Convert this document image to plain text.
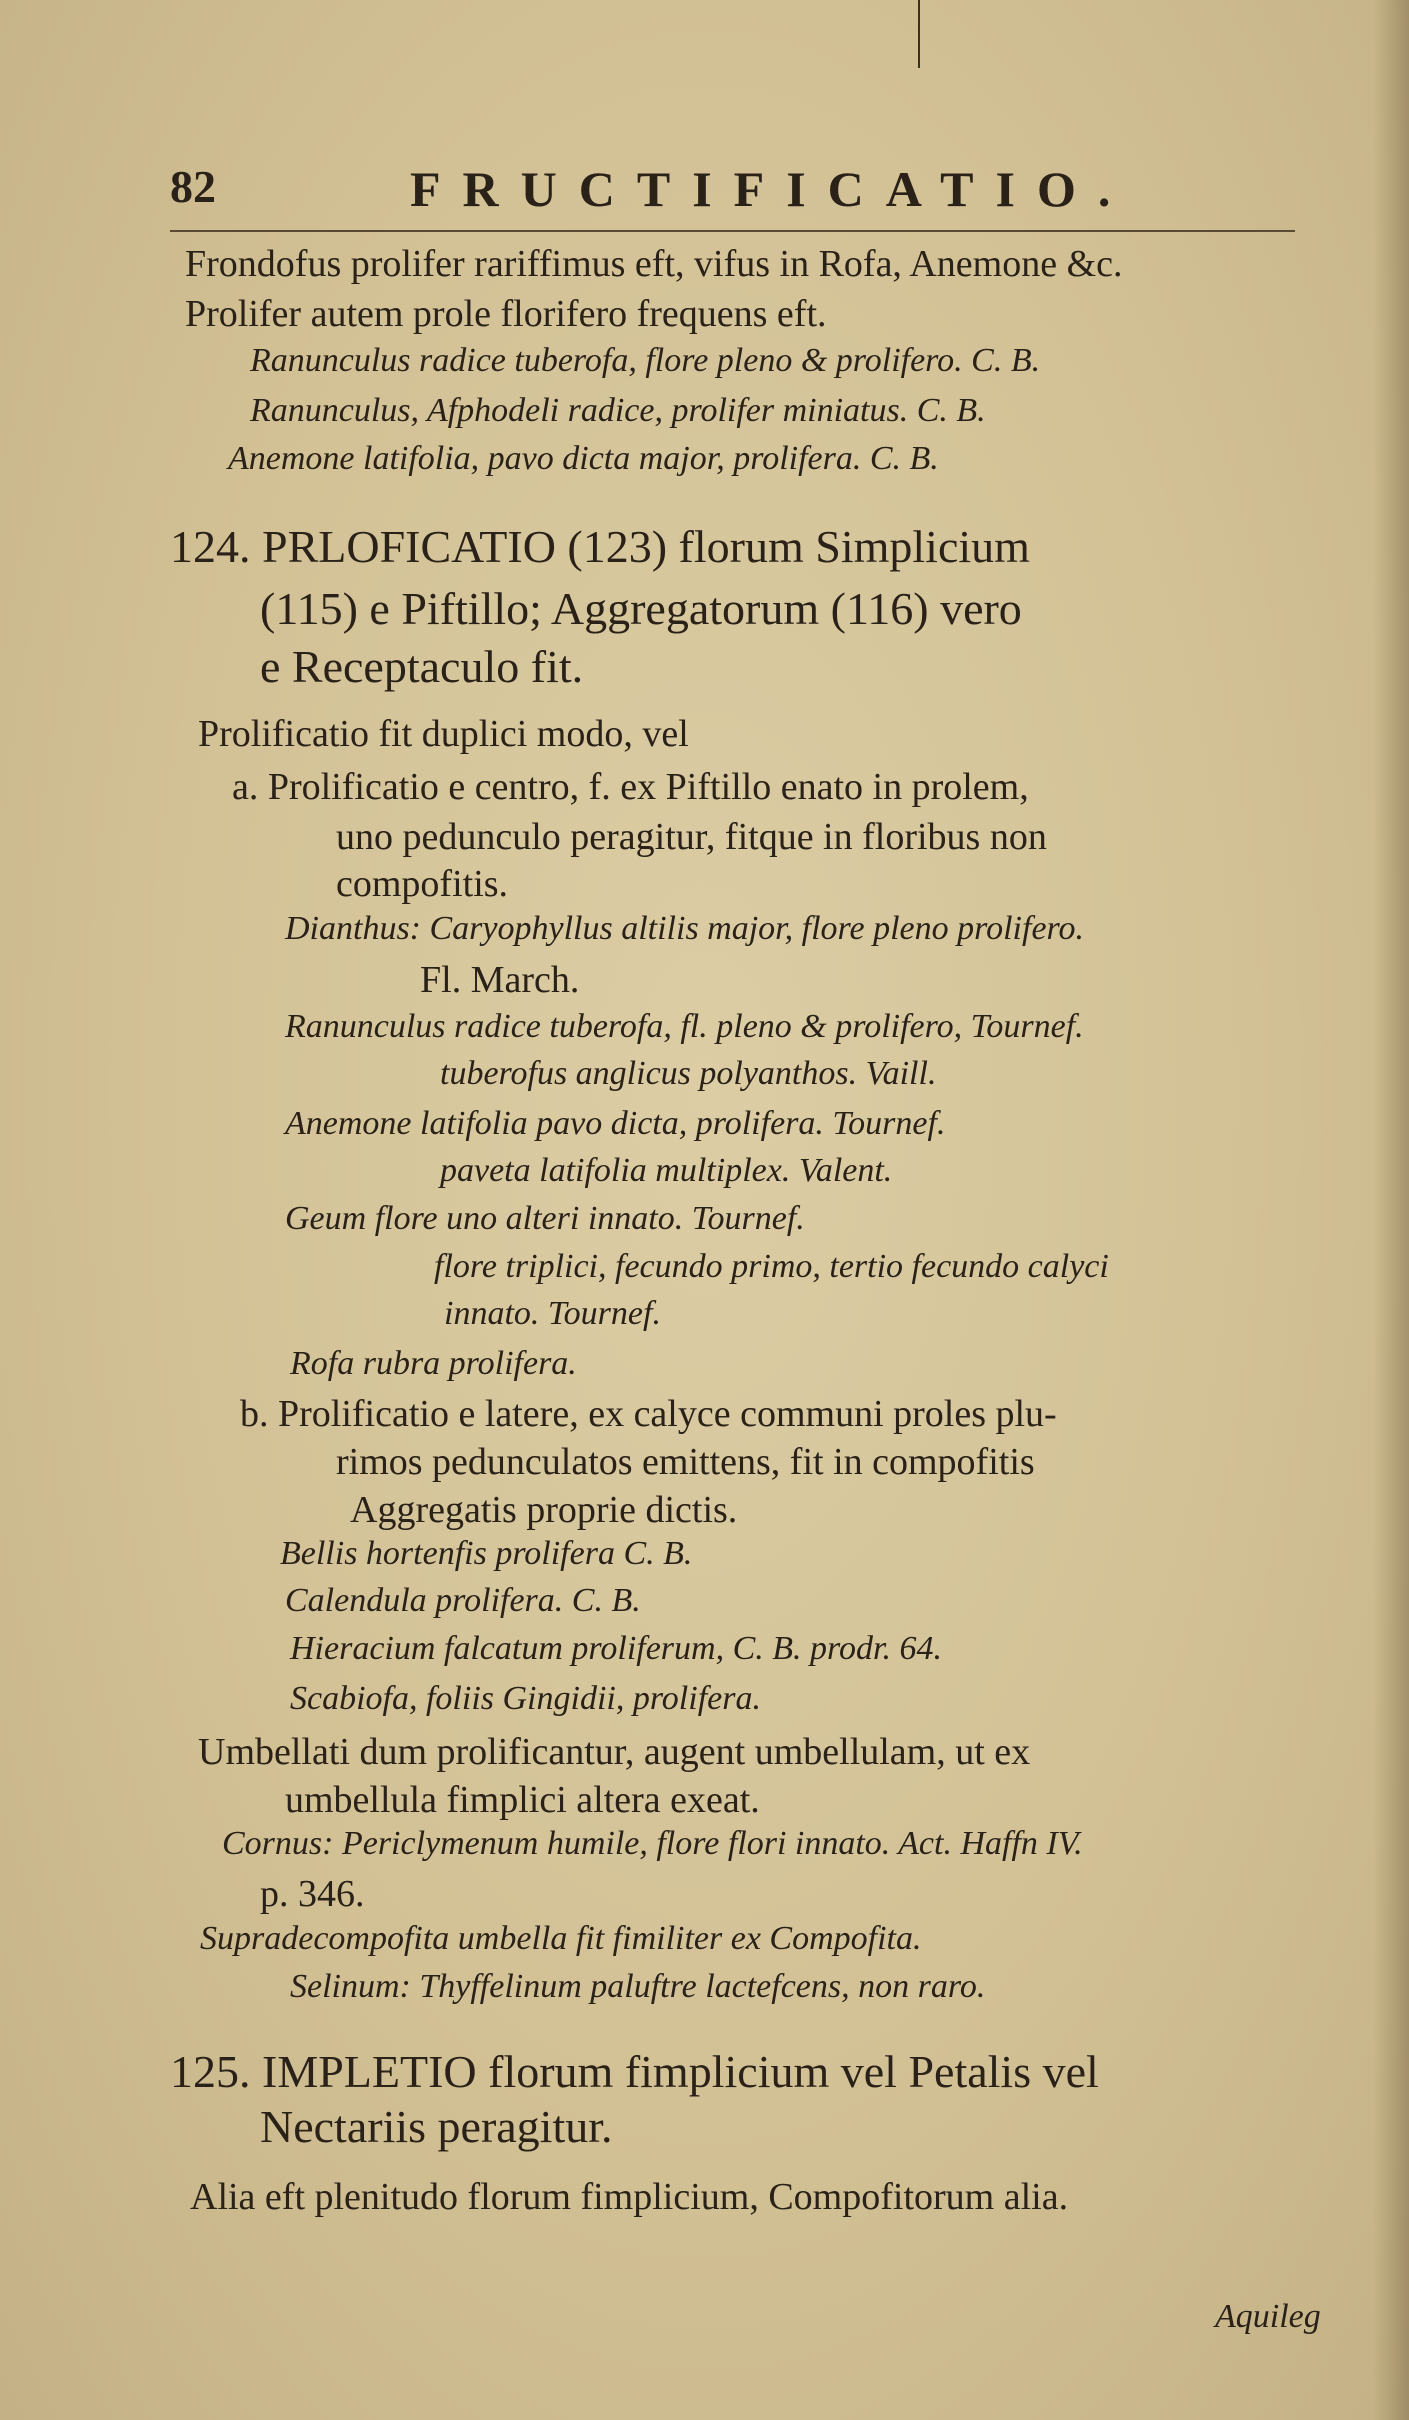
82	FRUCTIFICATIO.
Frondofus prolifer rariffimus eft, vifus in Rofa, Anemone &c.
Prolifer autem prole florifero frequens eft.
Ranunculus radice tuberofa, flore pleno & prolifero. C. B.
Ranunculus, Afphodeli radice, prolifer miniatus. C. B.
Anemone latifolia, pavo dicta major, prolifera. C. B.
124. PRLOFICATIO (123) florum Simplicium
(115) e Piftillo; Aggregatorum (116) vero
e Receptaculo fit.
Prolificatio fit duplici modo, vel
a. Prolificatio e centro, f. ex Piftillo enato in prolem,
uno pedunculo peragitur, fitque in floribus non
compofitis.
Dianthus: Caryophyllus altilis major, flore pleno prolifero.
Fl. March.
Ranunculus radice tuberofa, fl. pleno & prolifero, Tournef.
tuberofus anglicus polyanthos. Vaill.
Anemone latifolia pavo dicta, prolifera. Tournef.
paveta latifolia multiplex. Valent.
Geum flore uno alteri innato. Tournef.
flore triplici, fecundo primo, tertio fecundo calyci
innato. Tournef.
Rofa rubra prolifera.
b. Prolificatio e latere, ex calyce communi proles plu-
rimos pedunculatos emittens, fit in compofitis
Aggregatis proprie dictis.
Bellis hortenfis prolifera C. B.
Calendula prolifera. C. B.
Hieracium falcatum proliferum, C. B. prodr. 64.
Scabiofa, foliis Gingidii, prolifera.
Umbellati dum prolificantur, augent umbellulam, ut ex
umbellula fimplici altera exeat.
Cornus: Periclymenum humile, flore flori innato. Act. Haffn IV.
p. 346.
Supradecompofita umbella fit fimiliter ex Compofita.
Selinum: Thyffelinum paluftre lactefcens, non raro.
125. IMPLETIO florum fimplicium vel Petalis vel
Nectariis peragitur.
Alia eft plenitudo florum fimplicium, Compofitorum alia.
Aquileg
